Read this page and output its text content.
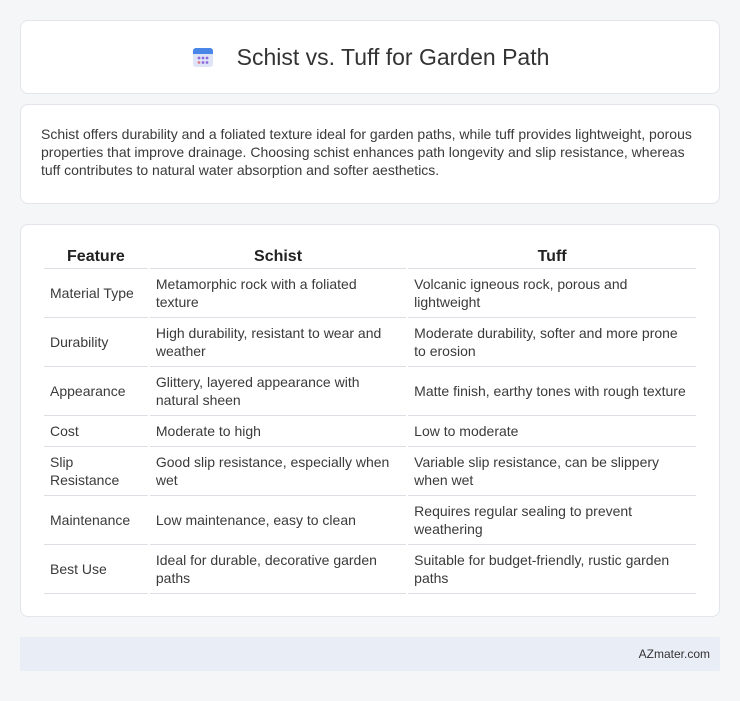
Schist vs. Tuff for Garden Path

Schist offers durability and a foliated texture ideal for garden paths, while tuff provides lightweight, porous properties that improve drainage. Choosing schist enhances path longevity and slip resistance, whereas tuff contributes to natural water absorption and softer aesthetics.

Feature	Schist	Tuff
Material Type	Metamorphic rock with a foliated texture	Volcanic igneous rock, porous and lightweight
Durability	High durability, resistant to wear and weather	Moderate durability, softer and more prone to erosion
Appearance	Glittery, layered appearance with natural sheen	Matte finish, earthy tones with rough texture
Cost	Moderate to high	Low to moderate
Slip Resistance	Good slip resistance, especially when wet	Variable slip resistance, can be slippery when wet
Maintenance	Low maintenance, easy to clean	Requires regular sealing to prevent weathering
Best Use	Ideal for durable, decorative garden paths	Suitable for budget-friendly, rustic garden paths
AZmater.com
